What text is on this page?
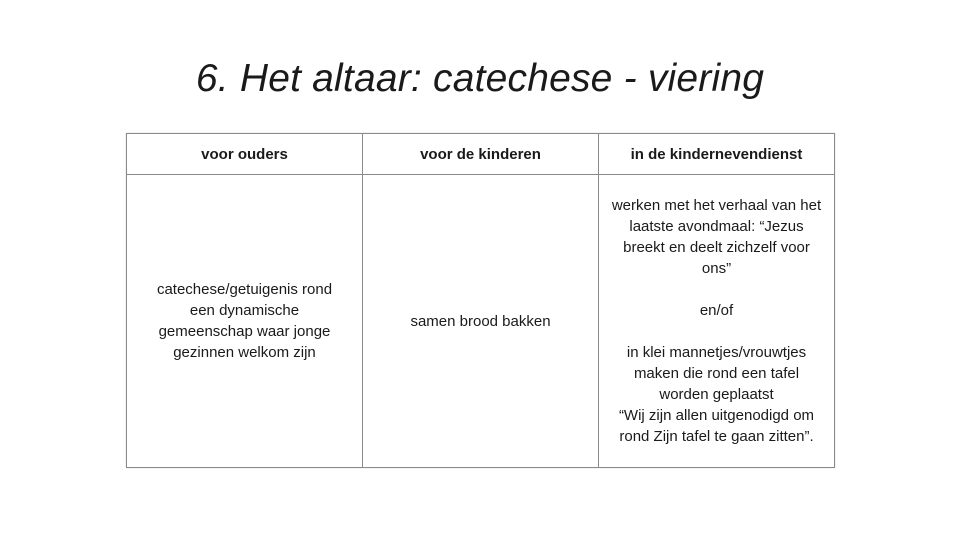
6. Het altaar: catechese - viering
voor ouders	voor de kinderen	in de kindernevendienst

catechese/getuigenis rond een dynamische gemeenschap waar jonge gezinnen welkom zijn	samen brood bakken	werken met het verhaal van het laatste avondmaal: “Jezus breekt en deelt zichzelf voor ons”
en/of
in klei mannetjes/vrouwtjes maken die rond een tafel worden geplaatst
“Wij zijn allen uitgenodigd om rond Zijn tafel te gaan zitten”.
